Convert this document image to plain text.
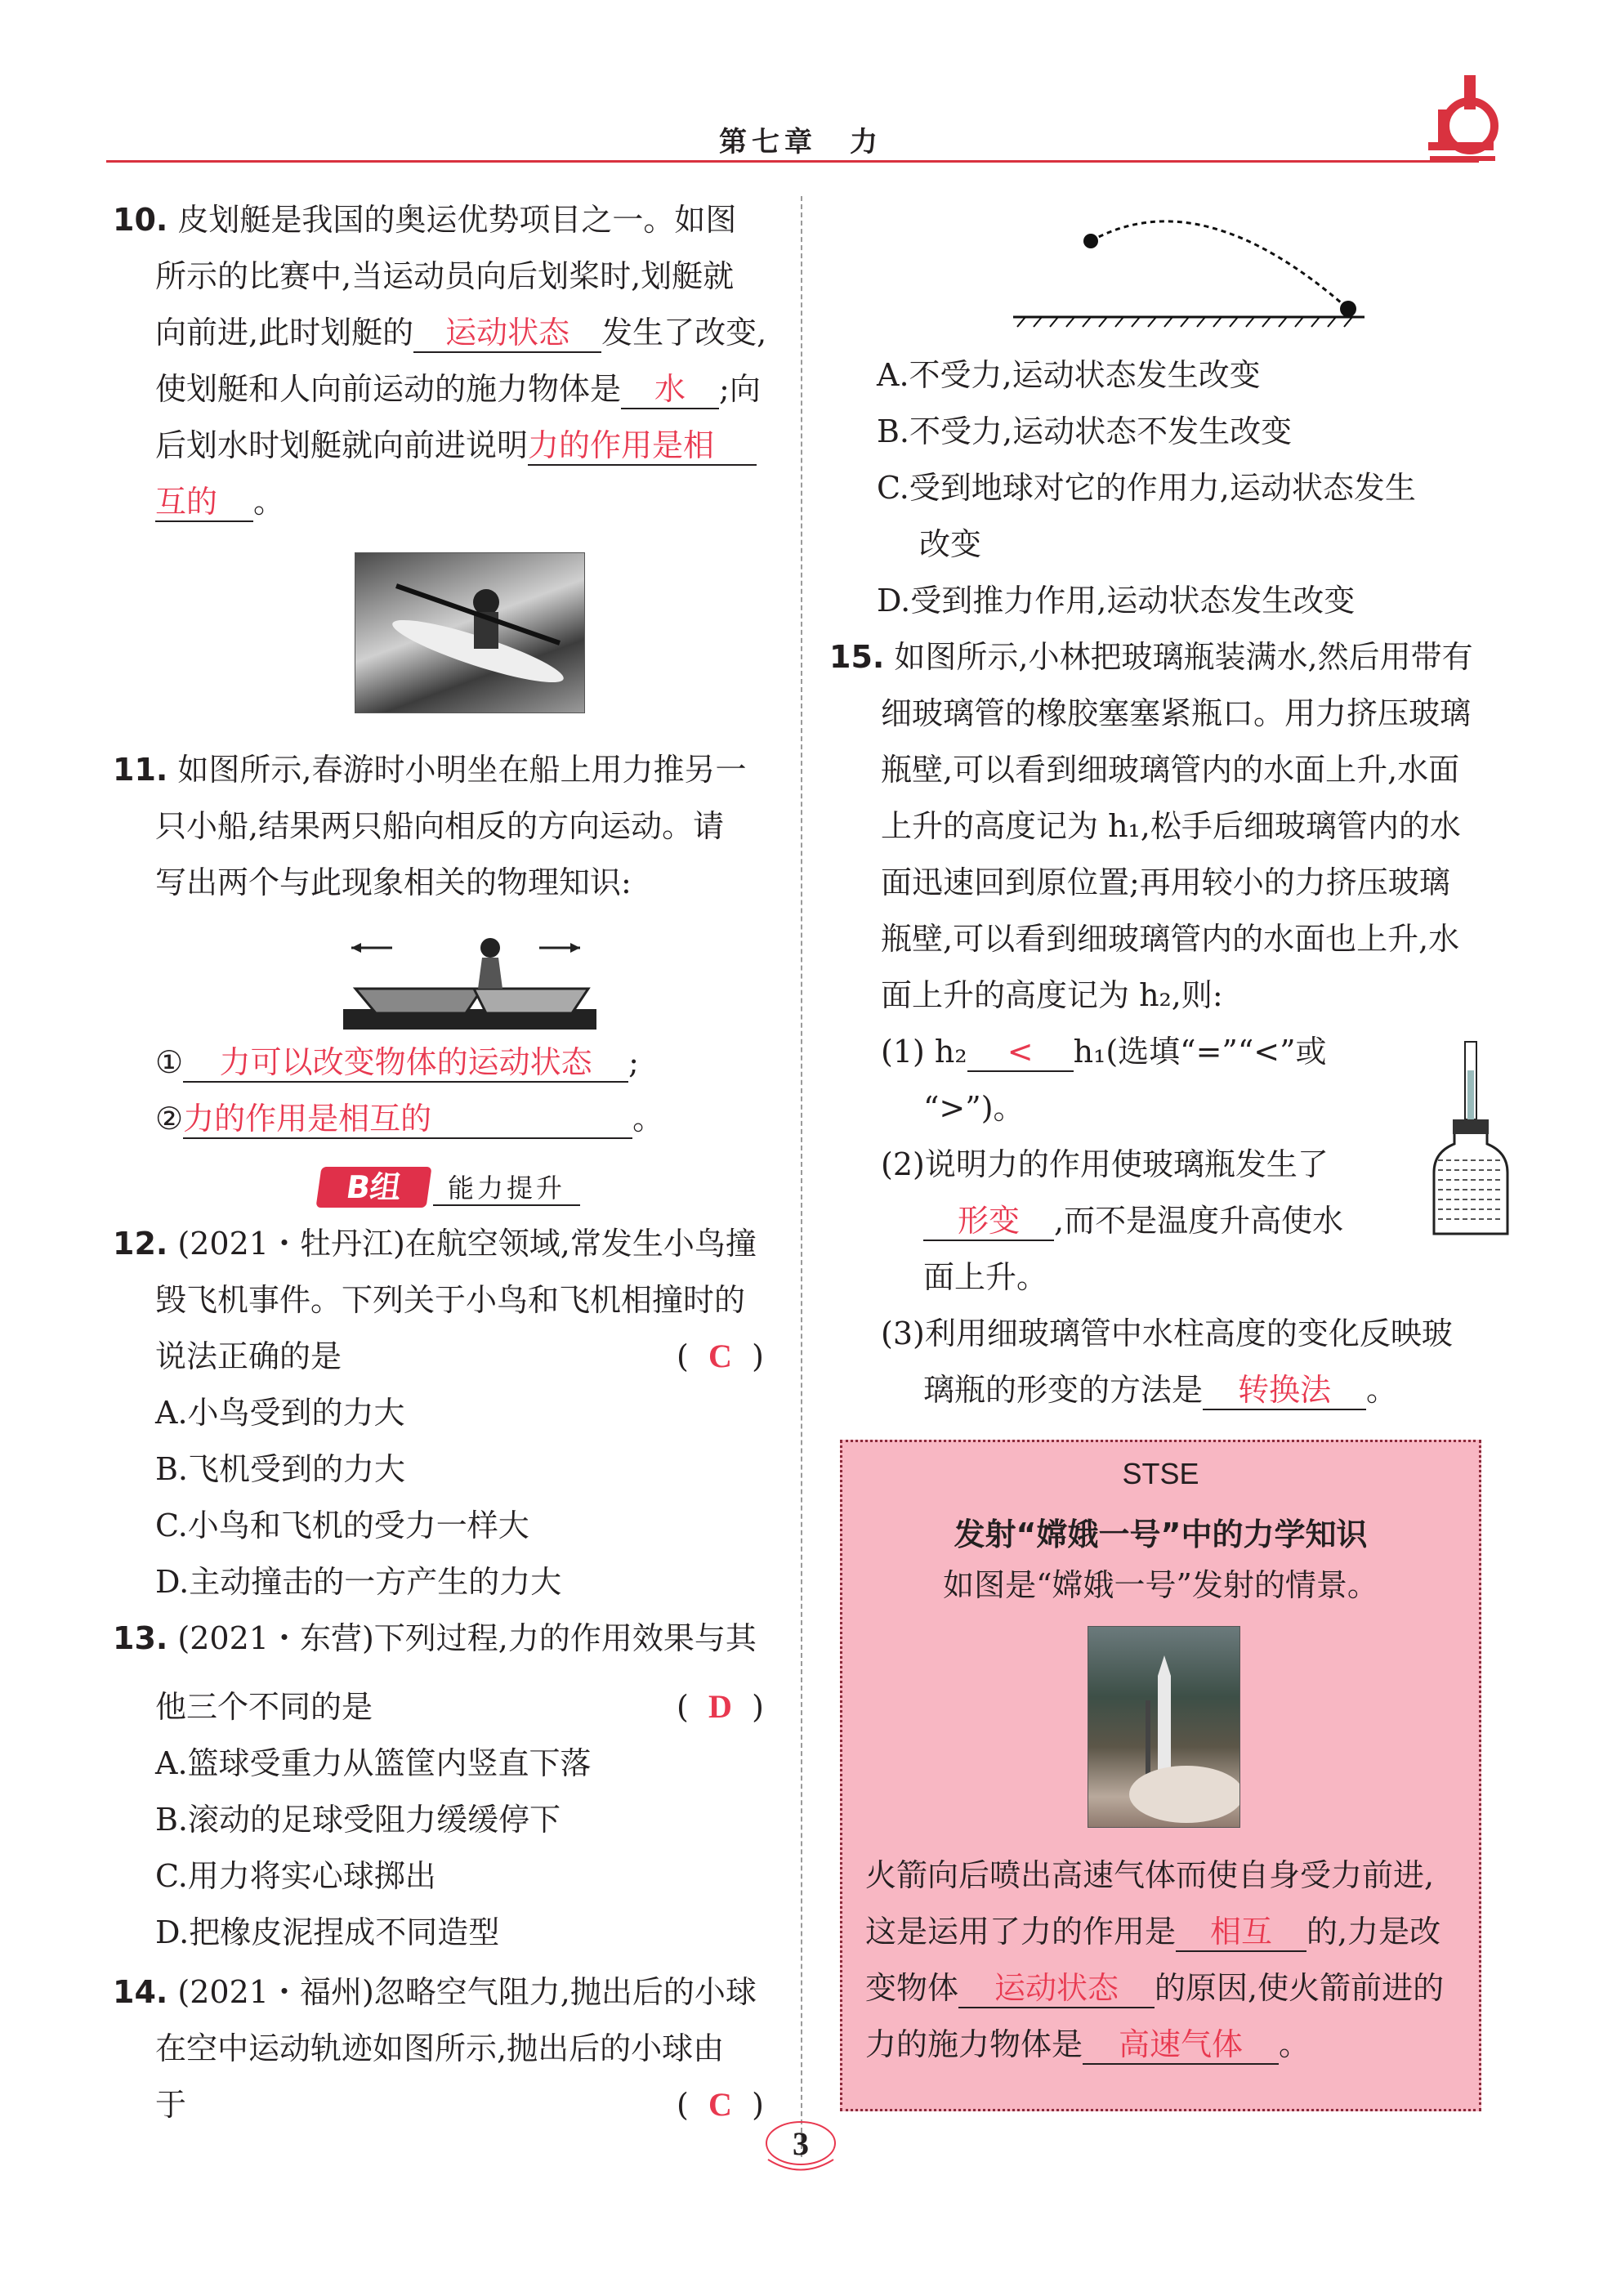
第七章　力
10. 皮划艇是我国的奥运优势项目之一。如图
所示的比赛中,当运动员向后划桨时,划艇就
向前进,此时划艇的 运动状态 发生了改变,
使划艇和人向前运动的施力物体是 水 ;向
后划水时划艇就向前进说明力的作用是相
互的 。
11. 如图所示,春游时小明坐在船上用力推另一
只小船,结果两只船向相反的方向运动。请
写出两个与此现象相关的物理知识:
① 力可以改变物体的运动状态 ;
②力的作用是相互的	。
B组	能力提升
12. (2021・牡丹江)在航空领域,常发生小鸟撞
毁飞机事件。下列关于小鸟和飞机相撞时的
说法正确的是	( C )
A.小鸟受到的力大
B.飞机受到的力大
C.小鸟和飞机的受力一样大
D.主动撞击的一方产生的力大
13. (2021・东营)下列过程,力的作用效果与其
他三个不同的是	( D )
A.篮球受重力从篮筐内竖直下落
B.滚动的足球受阻力缓缓停下
C.用力将实心球掷出
D.把橡皮泥捏成不同造型
14. (2021・福州)忽略空气阻力,抛出后的小球
在空中运动轨迹如图所示,抛出后的小球由
于	( C )
A.不受力,运动状态发生改变
B.不受力,运动状态不发生改变
C.受到地球对它的作用力,运动状态发生
改变
D.受到推力作用,运动状态发生改变
15. 如图所示,小林把玻璃瓶装满水,然后用带有
细玻璃管的橡胶塞塞紧瓶口。用力挤压玻璃
瓶壁,可以看到细玻璃管内的水面上升,水面
上升的高度记为 h₁,松手后细玻璃管内的水
面迅速回到原位置;再用较小的力挤压玻璃
瓶壁,可以看到细玻璃管内的水面也上升,水
面上升的高度记为 h₂,则:
(1) h₂ < h₁(选填“=”“<”或
“>”)。
(2)说明力的作用使玻璃瓶发生了
形变 ,而不是温度升高使水
面上升。
(3)利用细玻璃管中水柱高度的变化反映玻
璃瓶的形变的方法是 转换法 。
STSE
发射“嫦娥一号”中的力学知识
如图是“嫦娥一号”发射的情景。
火箭向后喷出高速气体而使自身受力前进,
这是运用了力的作用是 相互 的,力是改
变物体 运动状态 的原因,使火箭前进的
力的施力物体是 高速气体 。
3
